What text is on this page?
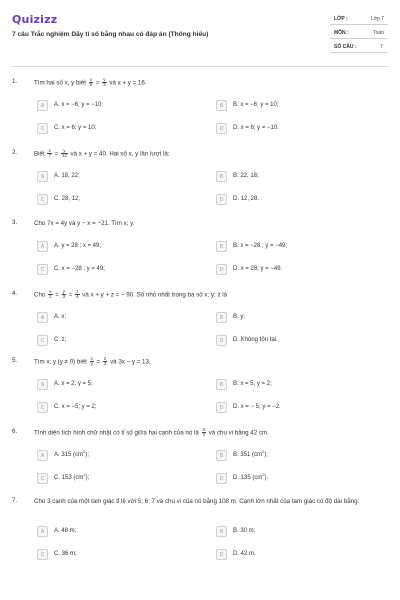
Quizizz
7 câu Trắc nghiệm Dãy tỉ số bằng nhau có đáp án (Thông hiểu)
LỚP :	Lớp 7
MÔN :	Toán
SỐ CÂU :	7
1.	Tìm hai số x, y biết $\frac{x}{5} = \frac{y}{3}$ và x + y = 16.
A	A. x = −6; y = −10;	B	B. x = −6; y = 10;
C	C. x = 6; y = 10;	D	D. x = 6; y = −10.
2.	Biết $\frac{x}{7} = \frac{y}{13}$ và x + y = 40. Hai số x, y lần lượt là:
A	A. 18, 22;	B	B. 22, 18;
C	C. 28, 12;	D	D. 12, 28.
3.	Cho 7x = 4y và y − x = −21. Tìm x; y.
A	A. y = 28 ; x = 49;	B	B. x = −28 ; y = −49;
C	C. x = −28 ; y = 49;	D	D. x = 28; y = −49.
4.	Cho $\frac{x}{2} = \frac{y}{3} = \frac{z}{4}$ và x + y + z = − 90. Số nhỏ nhất trong ba số x; y; z là
A	A. x;	B	B. y;
C	C. z;	D	D. Không tồn tại.
5.	Tìm x; y (y ≠ 0) biết $\frac{x}{y} = \frac{2}{3}$ và 3x − y = 13.
A	A. x = 2; y = 5;	B	B. x = 5; y = 2;
C	C. x = −5; y = 2;	D	D. x = − 5; y = −2.
6.	Tính diện tích hình chữ nhật có tỉ số giữa hai cạnh của nó là $\frac{3}{4}$ và chu vi bằng 42 cm.
A	A. 315 $(cm^2)$;	B	B. 351 $(cm^2)$;
C	C. 153 $(cm^2)$;	D	D. 135 $(cm^2)$.
7.	Cho 3 cạnh của một tam giác tỉ lệ với 5; 6; 7 và chu vi của nó bằng 108 m. Cạnh lớn nhất của tam giác có độ dài bằng:
A	A. 48 m;	B	B. 30 m;
C	C. 36 m;	D	D. 42 m.
